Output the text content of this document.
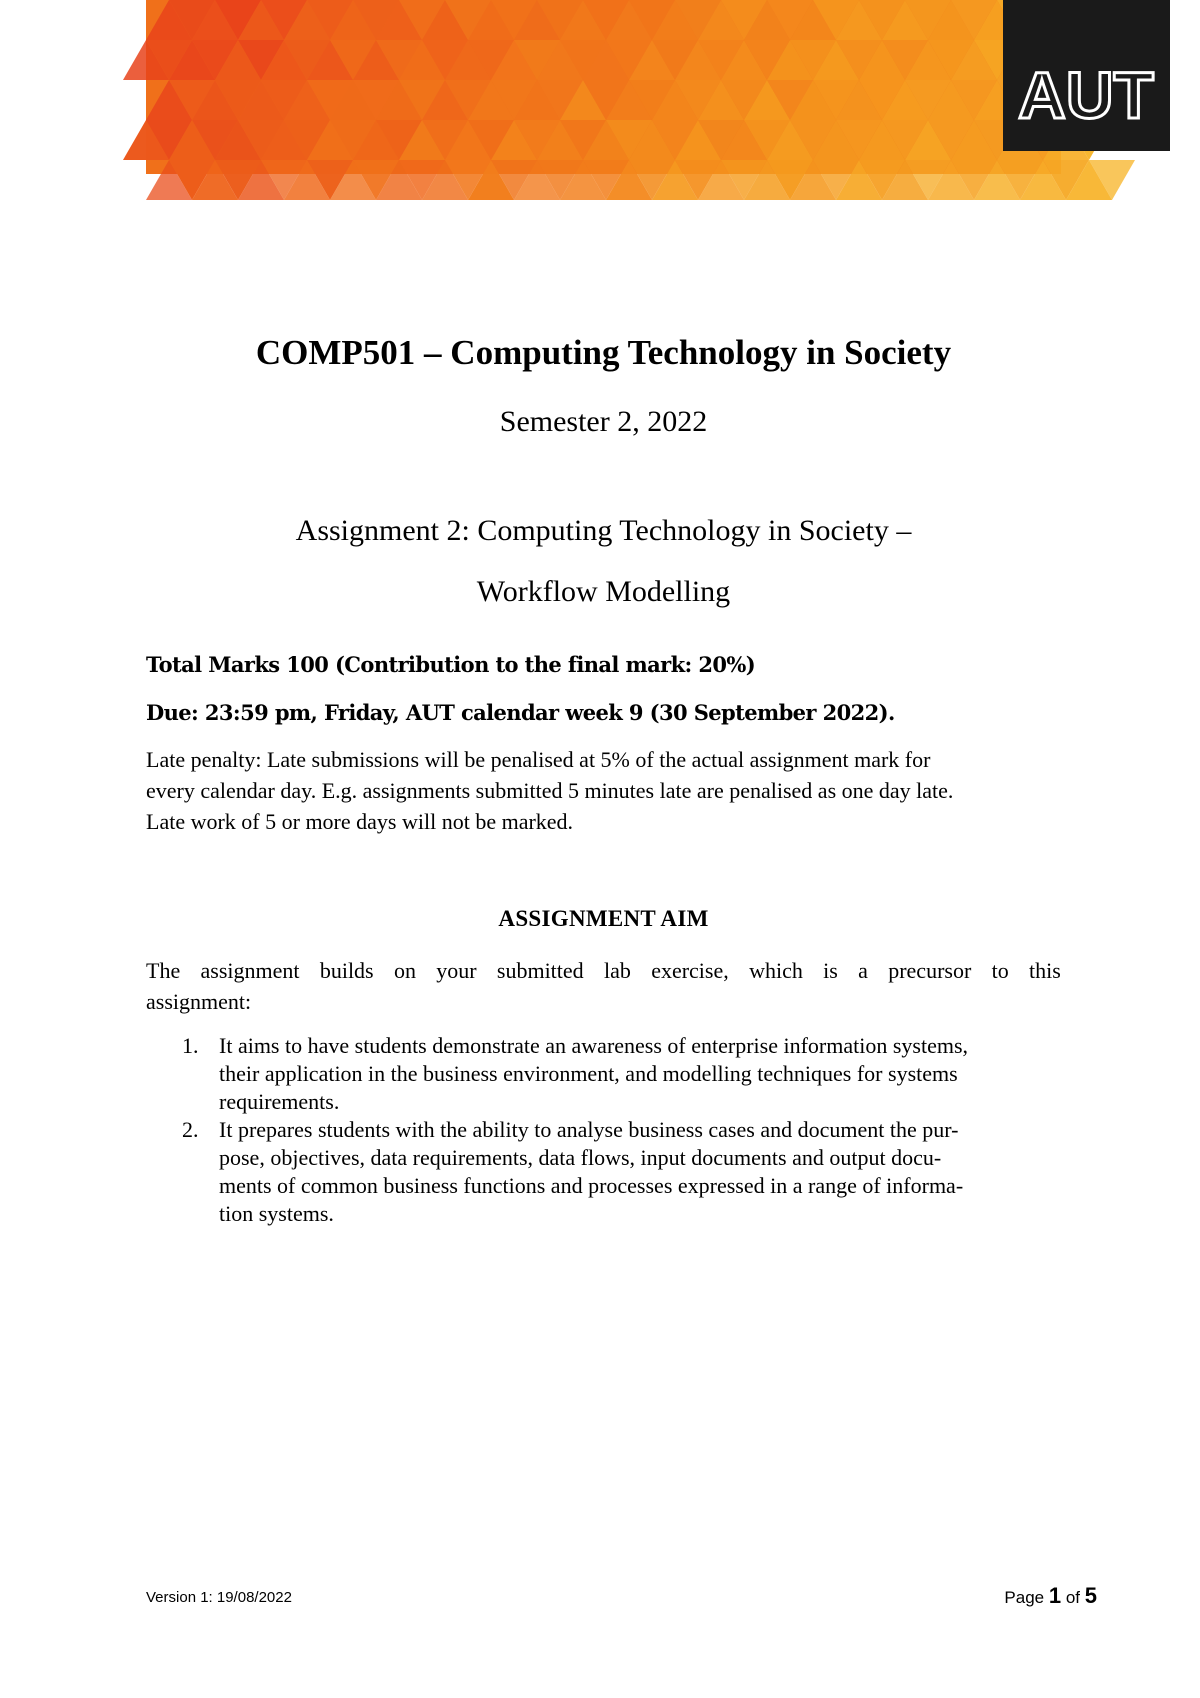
AUT
COMP501 – Computing Technology in Society
Semester 2, 2022
Assignment 2: Computing Technology in Society –
Workflow Modelling
Total Marks 100 (Contribution to the final mark: 20%)
Due: 23:59 pm, Friday, AUT calendar week 9 (30 September 2022).
Late penalty: Late submissions will be penalised at 5% of the actual assignment mark for
every calendar day. E.g. assignments submitted 5 minutes late are penalised as one day late.
Late work of 5 or more days will not be marked.
ASSIGNMENT AIM
The assignment builds on your submitted lab exercise, which is a precursor to this
assignment:
1. It aims to have students demonstrate an awareness of enterprise information systems,
their application in the business environment, and modelling techniques for systems
requirements.
2. It prepares students with the ability to analyse business cases and document the pur-
pose, objectives, data requirements, data flows, input documents and output docu-
ments of common business functions and processes expressed in a range of informa-
tion systems.
Version 1: 19/08/2022	Page 1 of 5
